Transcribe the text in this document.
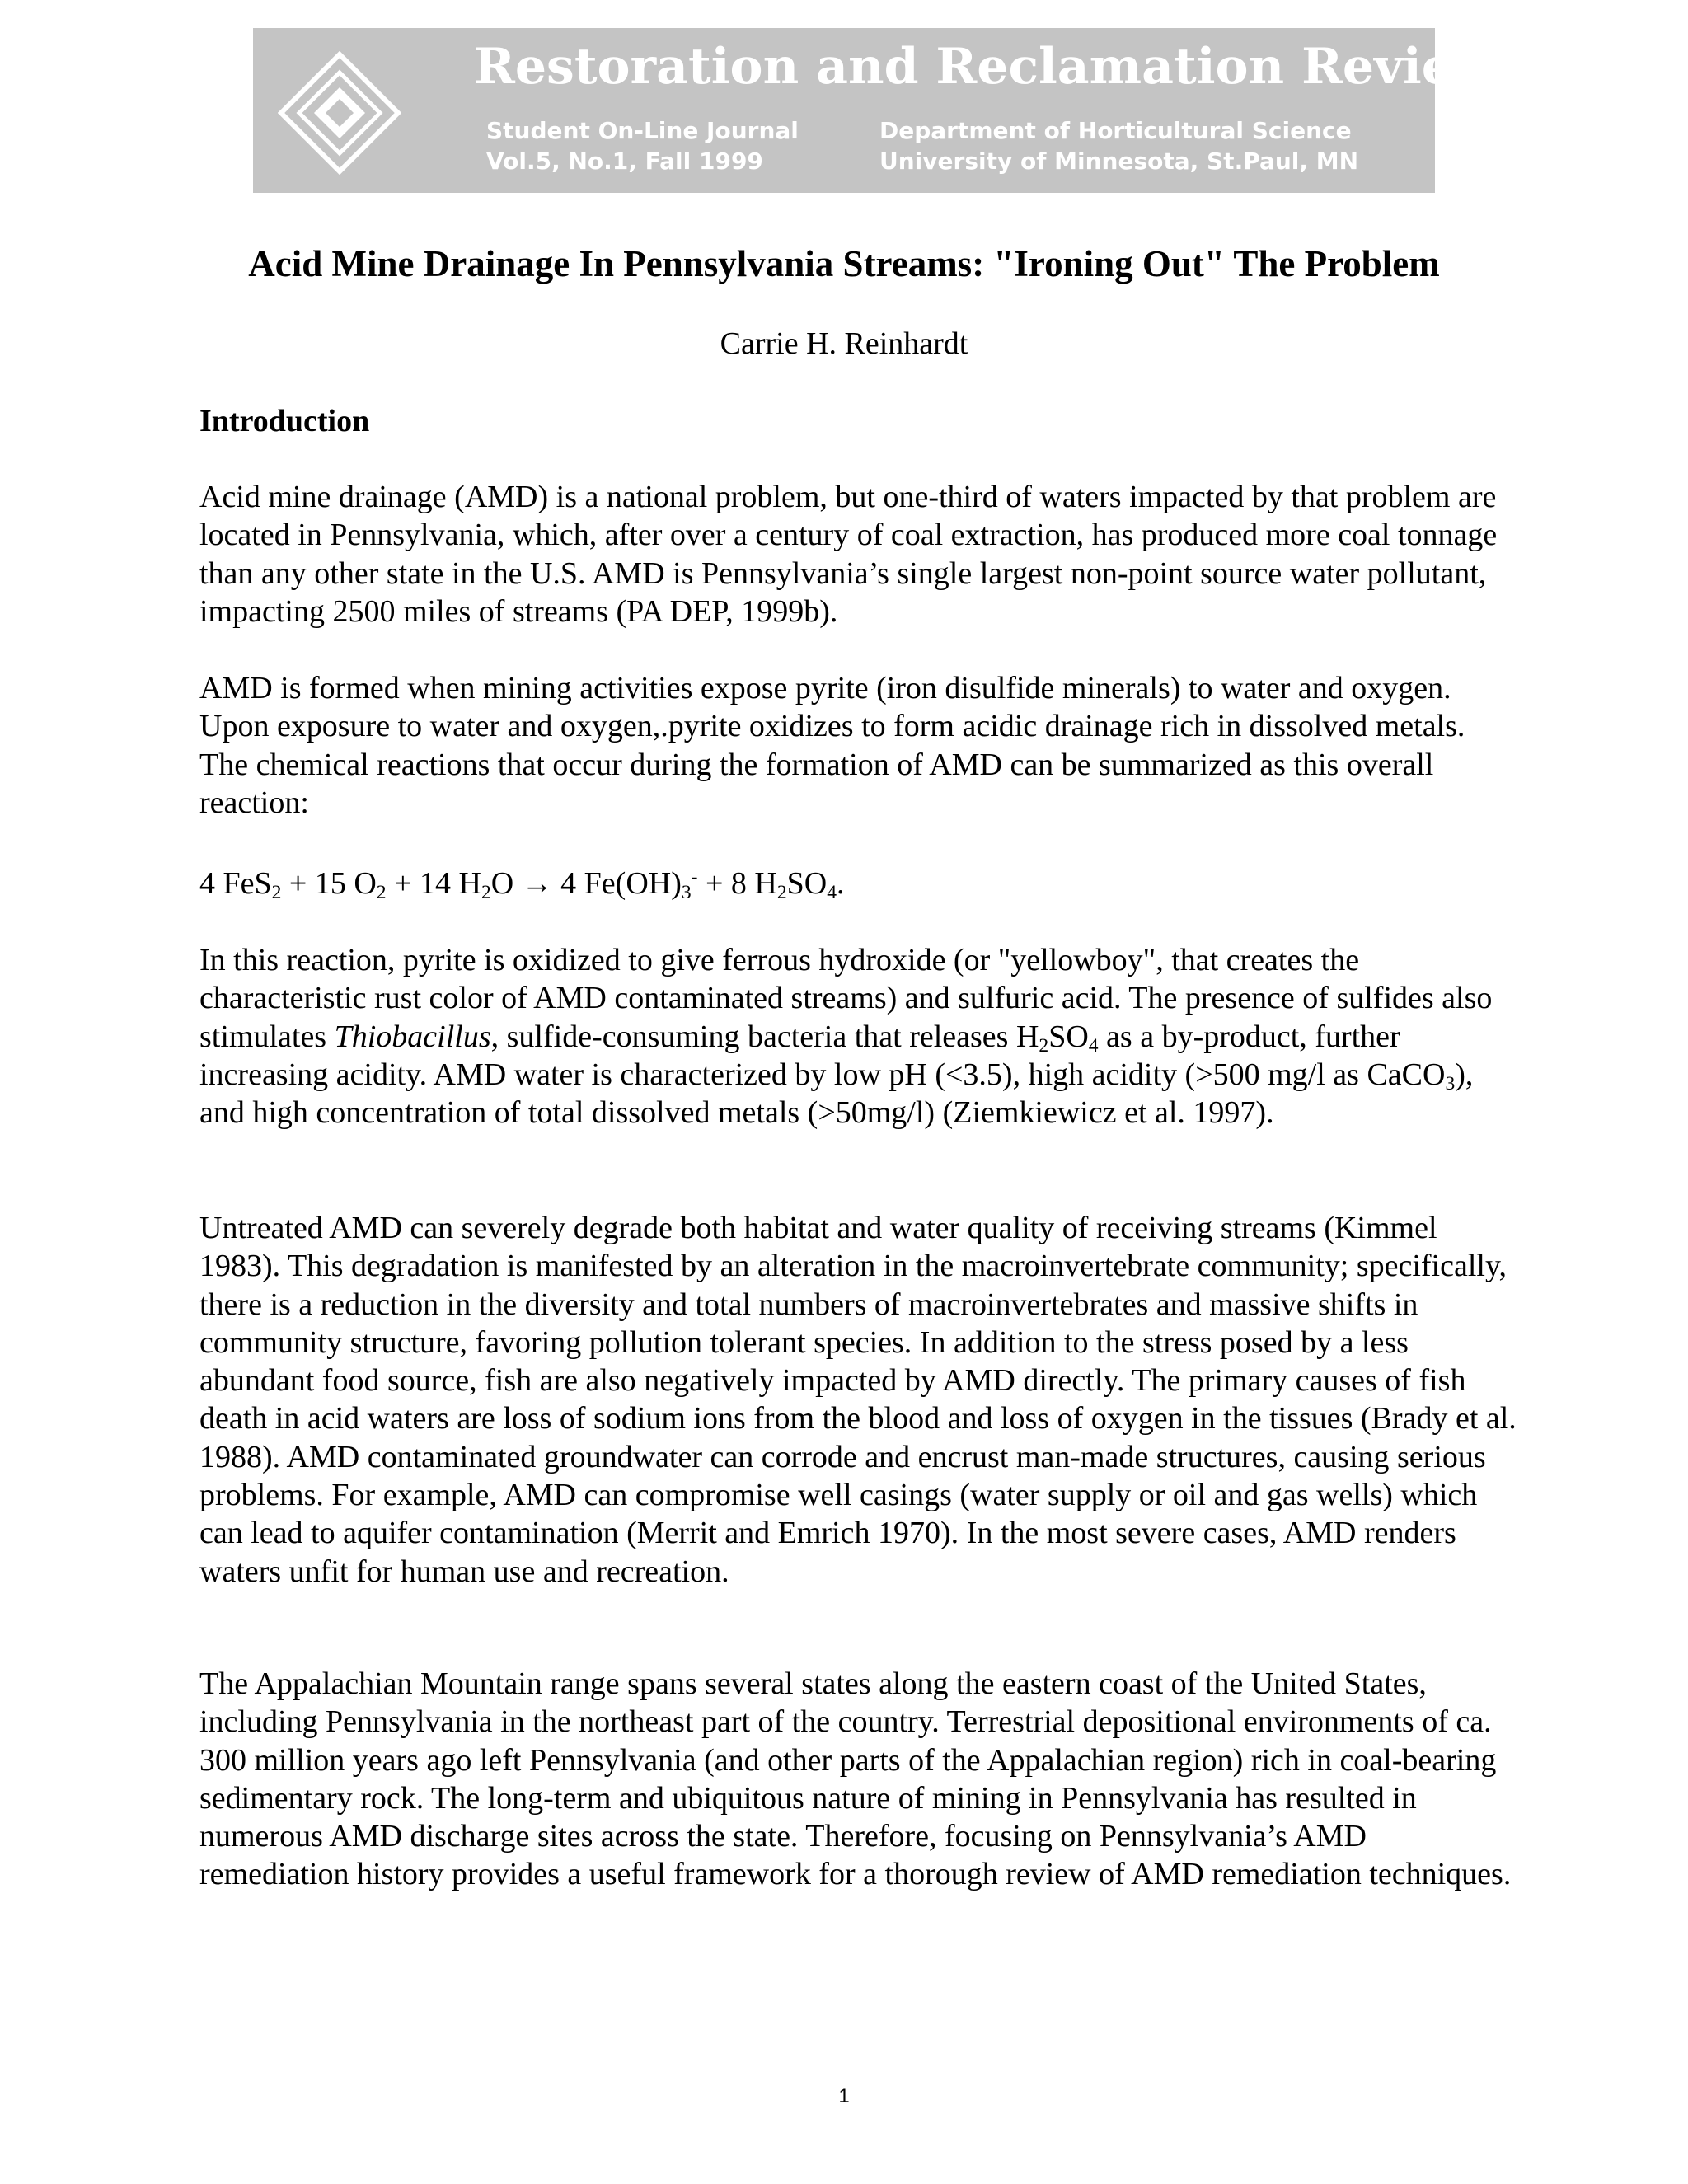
Restoration and Reclamation Review
Student On-Line Journal
Vol.5, No.1, Fall 1999
Department of Horticultural Science
University of Minnesota, St.Paul, MN
Acid Mine Drainage In Pennsylvania Streams: "Ironing Out" The Problem

Carrie H. Reinhardt

Introduction

Acid mine drainage (AMD) is a national problem, but one-third of waters impacted by that problem are located in Pennsylvania, which, after over a century of coal extraction, has produced more coal tonnage than any other state in the U.S. AMD is Pennsylvania’s single largest non-point source water pollutant, impacting 2500 miles of streams (PA DEP, 1999b).

AMD is formed when mining activities expose pyrite (iron disulfide minerals) to water and oxygen. Upon exposure to water and oxygen,.pyrite oxidizes to form acidic drainage rich in dissolved metals. The chemical reactions that occur during the formation of AMD can be summarized as this overall reaction:

4 FeS$_2$ + 15 $O_2 + 14$ $H_2O \to 4$ $Fe(OH)_3^- + 8$ $H_2SO_4$.

In this reaction, pyrite is oxidized to give ferrous hydroxide (or "yellowboy", that creates the characteristic rust color of AMD contaminated streams) and sulfuric acid. The presence of sulfides also stimulates Thiobacillus, sulfide-consuming bacteria that releases $H_2SO_4$ as a by-product, further increasing acidity. AMD water is characterized by low pH (<3.5), high acidity (>500 mg/l as CaCO$_3$), and high concentration of total dissolved metals (>50mg/l) (Ziemkiewicz et al. 1997).

Untreated AMD can severely degrade both habitat and water quality of receiving streams (Kimmel 1983). This degradation is manifested by an alteration in the macroinvertebrate community; specifically, there is a reduction in the diversity and total numbers of macroinvertebrates and massive shifts in community structure, favoring pollution tolerant species. In addition to the stress posed by a less abundant food source, fish are also negatively impacted by AMD directly. The primary causes of fish death in acid waters are loss of sodium ions from the blood and loss of oxygen in the tissues (Brady et al. 1988). AMD contaminated groundwater can corrode and encrust man-made structures, causing serious problems. For example, AMD can compromise well casings (water supply or oil and gas wells) which can lead to aquifer contamination (Merrit and Emrich 1970). In the most severe cases, AMD renders waters unfit for human use and recreation.

The Appalachian Mountain range spans several states along the eastern coast of the United States, including Pennsylvania in the northeast part of the country. Terrestrial depositional environments of ca. 300 million years ago left Pennsylvania (and other parts of the Appalachian region) rich in coal-bearing sedimentary rock. The long-term and ubiquitous nature of mining in Pennsylvania has resulted in numerous AMD discharge sites across the state. Therefore, focusing on Pennsylvania’s AMD remediation history provides a useful framework for a thorough review of AMD remediation techniques.

1
